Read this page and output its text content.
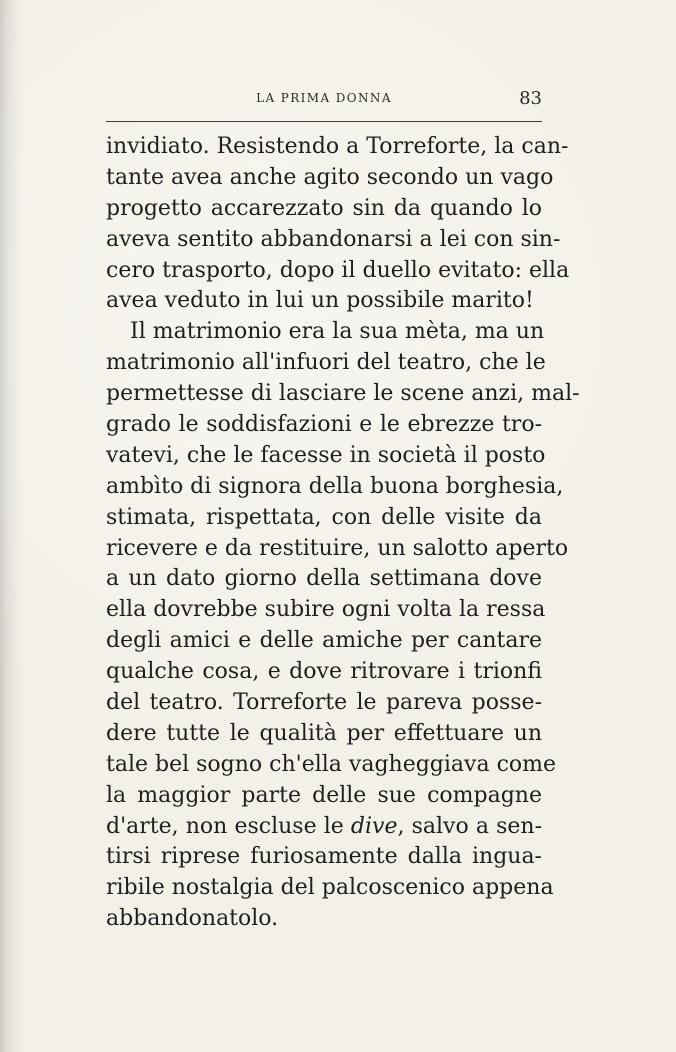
LA PRIMA DONNA	83
invidiato. Resistendo a Torreforte, la can-
tante avea anche agito secondo un vago
progetto accarezzato sin da quando lo
aveva sentito abbandonarsi a lei con sin-
cero trasporto, dopo il duello evitato: ella
avea veduto in lui un possibile marito!
Il matrimonio era la sua mèta, ma un
matrimonio all'infuori del teatro, che le
permettesse di lasciare le scene anzi, mal-
grado le soddisfazioni e le ebrezze tro-
vatevi, che le facesse in società il posto
ambìto di signora della buona borghesia,
stimata, rispettata, con delle visite da
ricevere e da restituire, un salotto aperto
a un dato giorno della settimana dove
ella dovrebbe subire ogni volta la ressa
degli amici e delle amiche per cantare
qualche cosa, e dove ritrovare i trionfi
del teatro. Torreforte le pareva posse-
dere tutte le qualità per effettuare un
tale bel sogno ch'ella vagheggiava come
la maggior parte delle sue compagne
d'arte, non escluse le dive, salvo a sen-
tirsi riprese furiosamente dalla ingua-
ribile nostalgia del palcoscenico appena
abbandonatolo.
